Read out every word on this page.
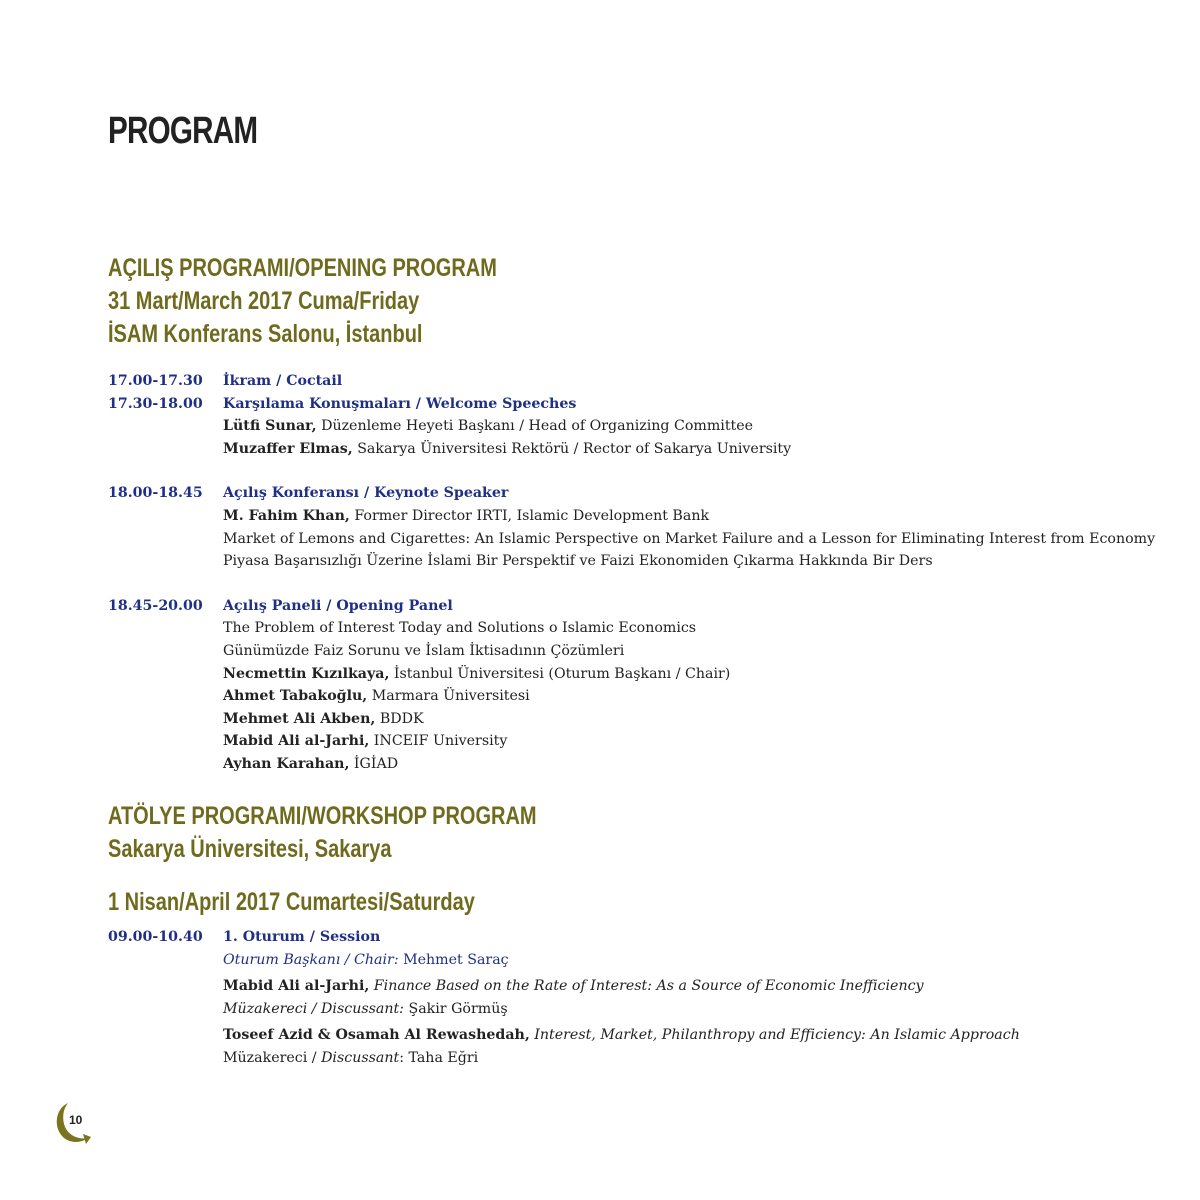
PROGRAM
AÇILIŞ PROGRAMI/OPENING PROGRAM
31 Mart/March 2017 Cuma/Friday
İSAM Konferans Salonu, İstanbul
17.00-17.30 İkram / Coctail
17.30-18.00 Karşılama Konuşmaları / Welcome Speeches
Lütfi Sunar, Düzenleme Heyeti Başkanı / Head of Organizing Committee
Muzaffer Elmas, Sakarya Üniversitesi Rektörü / Rector of Sakarya University
18.00-18.45 Açılış Konferansı / Keynote Speaker
M. Fahim Khan, Former Director IRTI, Islamic Development Bank
Market of Lemons and Cigarettes: An Islamic Perspective on Market Failure and a Lesson for Eliminating Interest from Economy
Piyasa Başarısızlığı Üzerine İslami Bir Perspektif ve Faizi Ekonomiden Çıkarma Hakkında Bir Ders
18.45-20.00 Açılış Paneli / Opening Panel
The Problem of Interest Today and Solutions o Islamic Economics
Günümüzde Faiz Sorunu ve İslam İktisadının Çözümleri
Necmettin Kızılkaya, İstanbul Üniversitesi (Oturum Başkanı / Chair)
Ahmet Tabakoğlu, Marmara Üniversitesi
Mehmet Ali Akben, BDDK
Mabid Ali al-Jarhi, INCEIF University
Ayhan Karahan, İGİAD
ATÖLYE PROGRAMI/WORKSHOP PROGRAM
Sakarya Üniversitesi, Sakarya
1 Nisan/April 2017 Cumartesi/Saturday
09.00-10.40 1. Oturum / Session
Oturum Başkanı / Chair: Mehmet Saraç
Mabid Ali al-Jarhi, Finance Based on the Rate of Interest: As a Source of Economic Inefficiency
Müzakereci / Discussant: Şakir Görmüş
Toseef Azid & Osamah Al Rewashedah, Interest, Market, Philanthropy and Efficiency: An Islamic Approach
Müzakereci / Discussant: Taha Eğri
10
